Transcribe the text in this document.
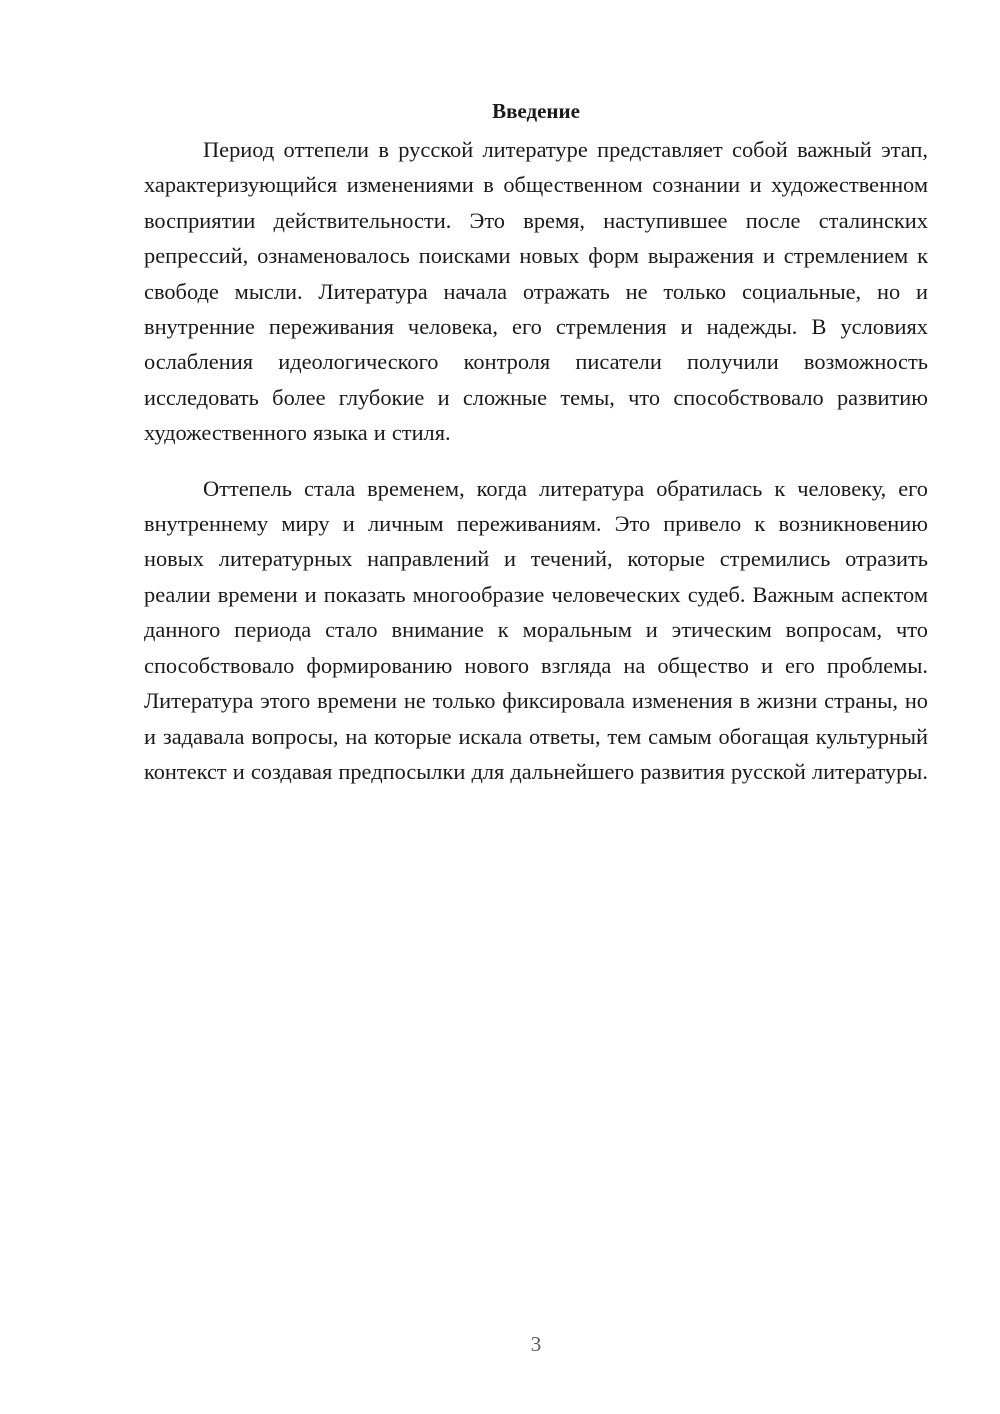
Введение

Период оттепели в русской литературе представляет собой важный этап, характеризующийся изменениями в общественном сознании и художественном восприятии действительности. Это время, наступившее после сталинских репрессий, ознаменовалось поисками новых форм выражения и стремлением к свободе мысли. Литература начала отражать не только социальные, но и внутренние переживания человека, его стремления и надежды. В условиях ослабления идеологического контроля писатели получили возможность исследовать более глубокие и сложные темы, что способствовало развитию художественного языка и стиля.

Оттепель стала временем, когда литература обратилась к человеку, его внутреннему миру и личным переживаниям. Это привело к возникновению новых литературных направлений и течений, которые стремились отразить реалии времени и показать многообразие человеческих судеб. Важным аспектом данного периода стало внимание к моральным и этическим вопросам, что способствовало формированию нового взгляда на общество и его проблемы. Литература этого времени не только фиксировала изменения в жизни страны, но и задавала вопросы, на которые искала ответы, тем самым обогащая культурный контекст и создавая предпосылки для дальнейшего развития русской литературы.

3
